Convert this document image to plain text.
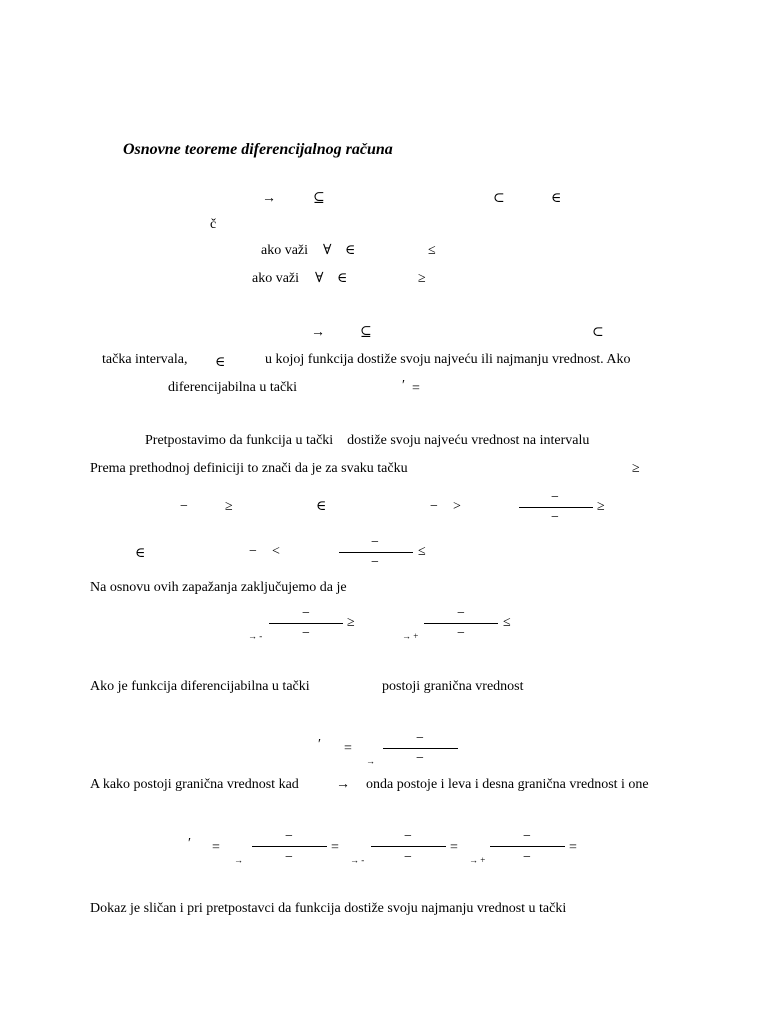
Osnovne teoreme diferencijalnog računa
→	⊆	⊂	∈
č
ako važi ∀ ∈	≤
ako važi ∀ ∈	≥
→	⊆	⊂
tačka intervala, ∈	u kojoj funkcija dostiže svoju najveću ili najmanju vrednost. Ako
diferencijabilna u tački	′ =
Pretpostavimo da funkcija u tački    dostiže svoju najveću vrednost na intervalu
Prema prethodnoj definiciji to znači da je za svaku tačku	≥
−	≥	∈	− >
−
−
≥
∈	− <
−
−
≤
Na osnovu ovih zapažanja zaključujemo da je
→ ‐
−
−
≥
→ +
−
−
≤
Ako je funkcija diferencijabilna u tački	postoji granična vrednost
′ =
→
−
−
A kako postoji granična vrednost kad	→ onda postoje i leva i desna granična vrednost i one
′ =
→
−
−
=
→ ‐
−
−
=
→ +
−
−
=
Dokaz je sličan i pri pretpostavci da funkcija dostiže svoju najmanju vrednost u tački
